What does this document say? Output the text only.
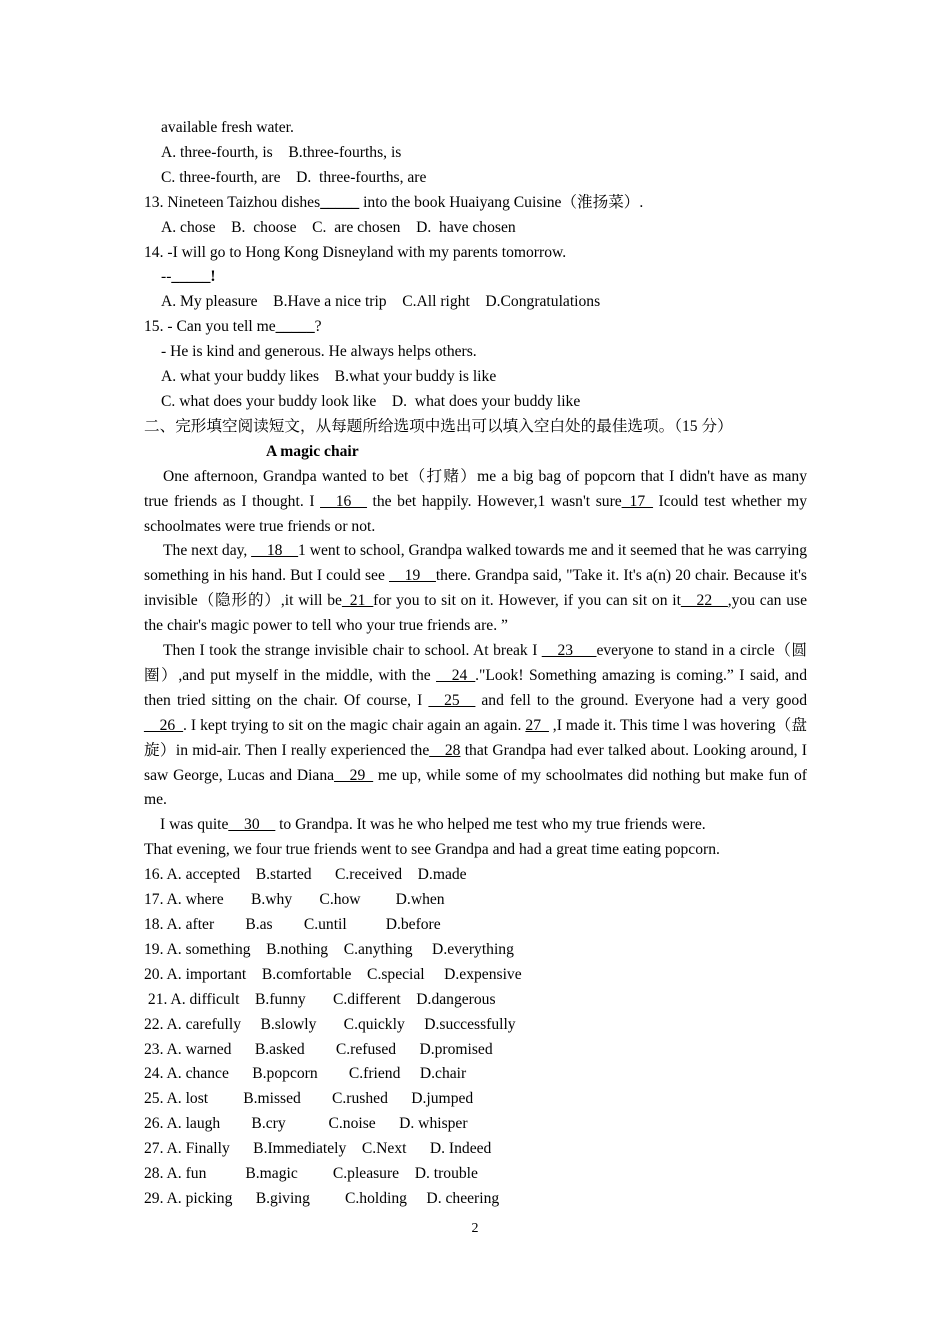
available fresh water.
A. three-fourth, is    B.three-fourths, is
C. three-fourth, are    D.  three-fourths, are
13. Nineteen Taizhou dishes_____ into the book Huaiyang Cuisine（淮扬菜）.
A. chose    B.  choose    C.  are chosen    D.  have chosen
14. -I will go to Hong Kong Disneyland with my parents tomorrow.
--_____!
A. My pleasure    B.Have a nice trip    C.All right    D.Congratulations
15. - Can you tell me_____?
- He is kind and generous. He always helps others.
A. what your buddy likes    B.what your buddy is like
C. what does your buddy look like    D.  what does your buddy like
二、完形填空阅读短文，从每题所给选项中选出可以填入空白处的最佳选项。（15 分）
A magic chair

One afternoon, Grandpa wanted to bet（打赌）me a big bag of popcorn that I didn't have as many true friends as I thought. I __16__ the bet happily. However,1 wasn't sure_17_ Icould test whether my schoolmates were true friends or not.

The next day, __18__1 went to school, Grandpa walked towards me and it seemed that he was carrying something in his hand. But I could see __19__there. Grandpa said, "Take it. It's a(n) 20 chair. Because it's invisible（隐形的）,it will be_21_for you to sit on it. However, if you can sit on it__22__,you can use the chair's magic power to tell who your true friends are. ”

Then I took the strange invisible chair to school. At break I __23___everyone to stand in a circle（圆圈）,and put myself in the middle, with the __24_."Look! Something amazing is coming.” I said, and then tried sitting on the chair. Of course, I __25__ and fell to the ground. Everyone had a very good __26_. I kept trying to sit on the magic chair again an again. 27_ ,I made it. This time l was hovering（盘旋）in mid-air. Then I really experienced the__28 that Grandpa had ever talked about. Looking around, I saw George, Lucas and Diana__29_ me up, while some of my schoolmates did nothing but make fun of me.

I was quite__30__ to Grandpa. It was he who helped me test who my true friends were.

That evening, we four true friends went to see Grandpa and had a great time eating popcorn.

16. A. accepted    B.started      C.received    D.made
17. A. where       B.why       C.how         D.when
18. A. after        B.as        C.until          D.before
19. A. something    B.nothing    C.anything     D.everything
20. A. important    B.comfortable    C.special     D.expensive
21. A. difficult    B.funny       C.different    D.dangerous
22. A. carefully     B.slowly       C.quickly     D.successfully
23. A. warned      B.asked        C.refused      D.promised
24. A. chance      B.popcorn        C.friend     D.chair
25. A. lost         B.missed        C.rushed      D.jumped
26. A. laugh        B.cry           C.noise      D. whisper
27. A. Finally      B.Immediately    C.Next      D. Indeed
28. A. fun          B.magic         C.pleasure    D. trouble
29. A. picking      B.giving         C.holding     D. cheering
2
